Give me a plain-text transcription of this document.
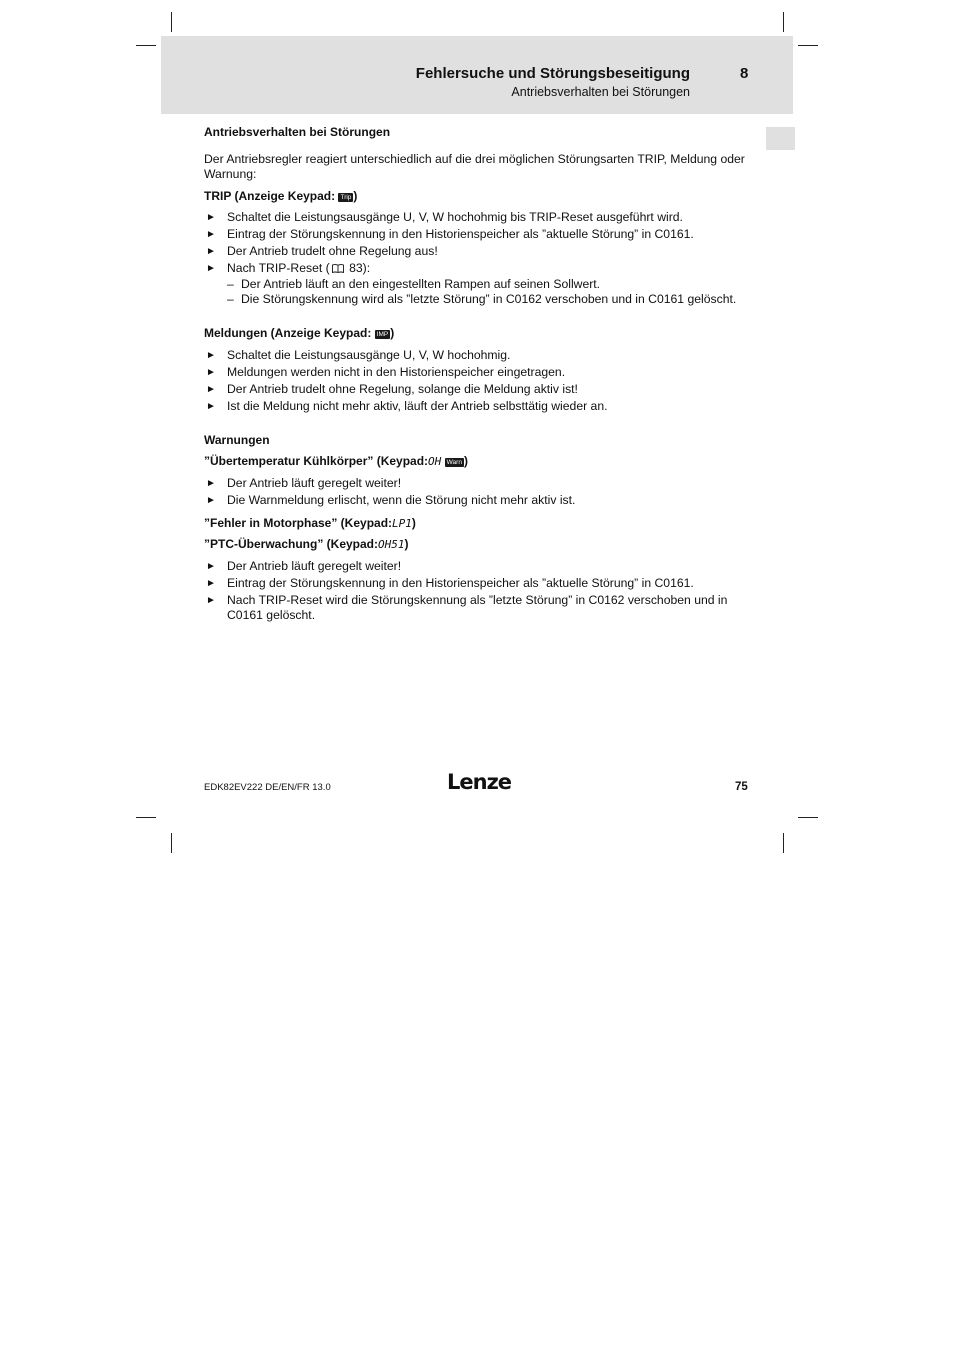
Fehlersuche und Störungsbeseitigung	8
Antriebsverhalten bei Störungen

Antriebsverhalten bei Störungen

Der Antriebsregler reagiert unterschiedlich auf die drei möglichen Störungsarten TRIP, Meldung oder Warnung:

TRIP (Anzeige Keypad: Trip )

► Schaltet die Leistungsausgänge U, V, W hochohmig bis TRIP-Reset ausgeführt wird.
► Eintrag der Störungskennung in den Historienspeicher als ”aktuelle Störung” in C0161.
► Der Antrieb trudelt ohne Regelung aus!
► Nach TRIP-Reset ( 83):
– Der Antrieb läuft an den eingestellten Rampen auf seinen Sollwert.
– Die Störungskennung wird als ”letzte Störung” in C0162 verschoben und in C0161 gelöscht.

Meldungen (Anzeige Keypad: IMP )

► Schaltet die Leistungsausgänge U, V, W hochohmig.
► Meldungen werden nicht in den Historienspeicher eingetragen.
► Der Antrieb trudelt ohne Regelung, solange die Meldung aktiv ist!
► Ist die Meldung nicht mehr aktiv, läuft der Antrieb selbsttätig wieder an.

Warnungen

”Übertemperatur Kühlkörper” (Keypad:OH Warn )

► Der Antrieb läuft geregelt weiter!
► Die Warnmeldung erlischt, wenn die Störung nicht mehr aktiv ist.

”Fehler in Motorphase” (Keypad:LP1)

”PTC-Überwachung” (Keypad:OH51)

► Der Antrieb läuft geregelt weiter!
► Eintrag der Störungskennung in den Historienspeicher als ”aktuelle Störung” in C0161.
► Nach TRIP-Reset wird die Störungskennung als ”letzte Störung” in C0162 verschoben und in C0161 gelöscht.
EDK82EV222 DE/EN/FR 13.0	Lenze	75
